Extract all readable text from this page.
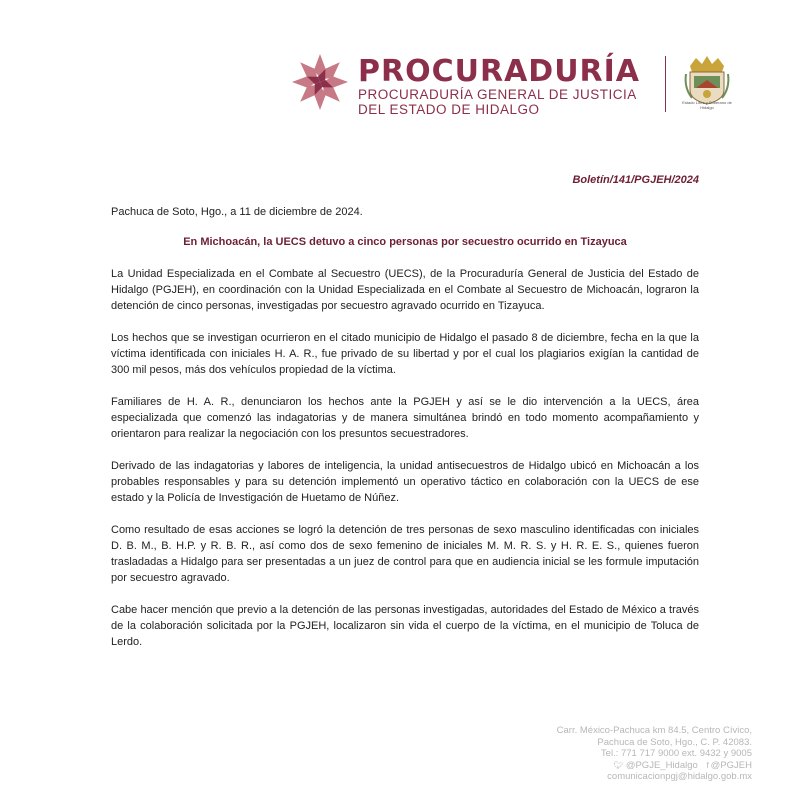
PROCURADURÍA
PROCURADURÍA GENERAL DE JUSTICIA
DEL ESTADO DE HIDALGO	Estado Libre y Soberano de Hidalgo

Boletín/141/PGJEH/2024

Pachuca de Soto, Hgo., a 11 de diciembre de 2024.

En Michoacán, la UECS detuvo a cinco personas por secuestro ocurrido en Tizayuca

La Unidad Especializada en el Combate al Secuestro (UECS), de la Procuraduría General de Justicia del Estado de Hidalgo (PGJEH), en coordinación con la Unidad Especializada en el Combate al Secuestro de Michoacán, lograron la detención de cinco personas, investigadas por secuestro agravado ocurrido en Tizayuca.

Los hechos que se investigan ocurrieron en el citado municipio de Hidalgo el pasado 8 de diciembre, fecha en la que la víctima identificada con iniciales H. A. R., fue privado de su libertad y por el cual los plagiarios exigían la cantidad de 300 mil pesos, más dos vehículos propiedad de la víctima.

Familiares de H. A. R., denunciaron los hechos ante la PGJEH y así se le dio intervención a la UECS, área especializada que comenzó las indagatorias y de manera simultánea brindó en todo momento acompañamiento y orientaron para realizar la negociación con los presuntos secuestradores.

Derivado de las indagatorias y labores de inteligencia, la unidad antisecuestros de Hidalgo ubicó en Michoacán a los probables responsables y para su detención implementó un operativo táctico en colaboración con la UECS de ese estado y la Policía de Investigación de Huetamo de Núñez.

Como resultado de esas acciones se logró la detención de tres personas de sexo masculino identificadas con iniciales D. B. M., B. H.P. y R. B. R., así como dos de sexo femenino de iniciales M. M. R. S. y H. R. E. S., quienes fueron trasladadas a Hidalgo para ser presentadas a un juez de control para que en audiencia inicial se les formule imputación por secuestro agravado.

Cabe hacer mención que previo a la detención de las personas investigadas, autoridades del Estado de México a través de la colaboración solicitada por la PGJEH, localizaron sin vida el cuerpo de la víctima, en el municipio de Toluca de Lerdo.

Carr. México-Pachuca km 84.5, Centro Cívico,
Pachuca de Soto, Hgo., C. P. 42083.
Tel.: 771 717 9000 ext. 9432 y 9005
🐦︎ @PGJE_Hidalgo f @PGJEH
comunicacionpgj@hidalgo.gob.mx
